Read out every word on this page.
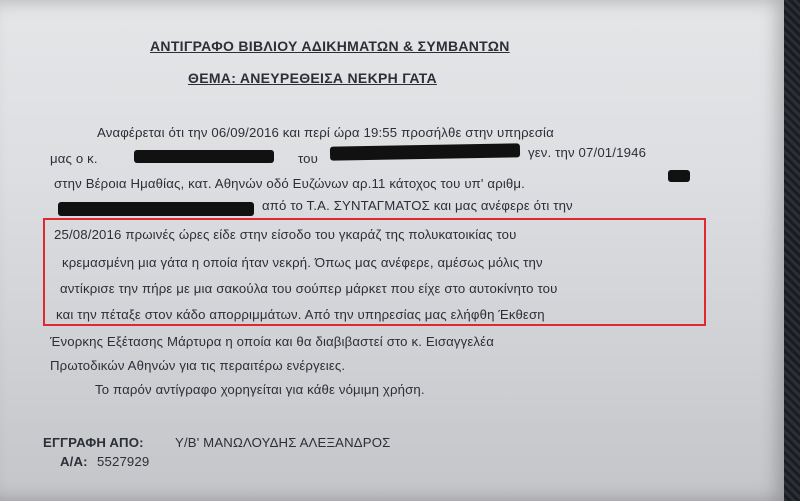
ΑΝΤΙΓΡΑΦΟ ΒΙΒΛΙΟΥ ΑΔΙΚΗΜΑΤΩΝ & ΣΥΜΒΑΝΤΩΝ
ΘΕΜΑ: ΑΝΕΥΡΕΘΕΙΣΑ ΝΕΚΡΗ ΓΑΤΑ
Αναφέρεται ότι την 06/09/2016 και περί ώρα 19:55 προσήλθε στην υπηρεσία
μας ο κ.	του	γεν. την 07/01/1946
στην Βέροια Ημαθίας, κατ. Αθηνών οδό Ευζώνων αρ.11 κάτοχος του υπ' αριθμ.
από το Τ.Α. ΣΥΝΤΑΓΜΑΤΟΣ και μας ανέφερε ότι την
25/08/2016 πρωινές ώρες είδε στην είσοδο του γκαράζ της πολυκατοικίας του
κρεμασμένη μια γάτα η οποία ήταν νεκρή. Όπως μας ανέφερε, αμέσως μόλις την
αντίκρισε την πήρε με μια σακούλα του σούπερ μάρκετ που είχε στο αυτοκίνητο του
και την πέταξε στον κάδο απορριμμάτων. Από την υπηρεσίας μας ελήφθη Έκθεση
Ένορκης Εξέτασης Μάρτυρα η οποία και θα διαβιβαστεί στο κ. Εισαγγελέα
Πρωτοδικών Αθηνών για τις περαιτέρω ενέργειες.
Το παρόν αντίγραφο χορηγείται για κάθε νόμιμη χρήση.
ΕΓΓΡΑΦΗ ΑΠΟ: Υ/Β' ΜΑΝΩΛΟΥΔΗΣ ΑΛΕΞΑΝΔΡΟΣ
Α/Α: 5527929
